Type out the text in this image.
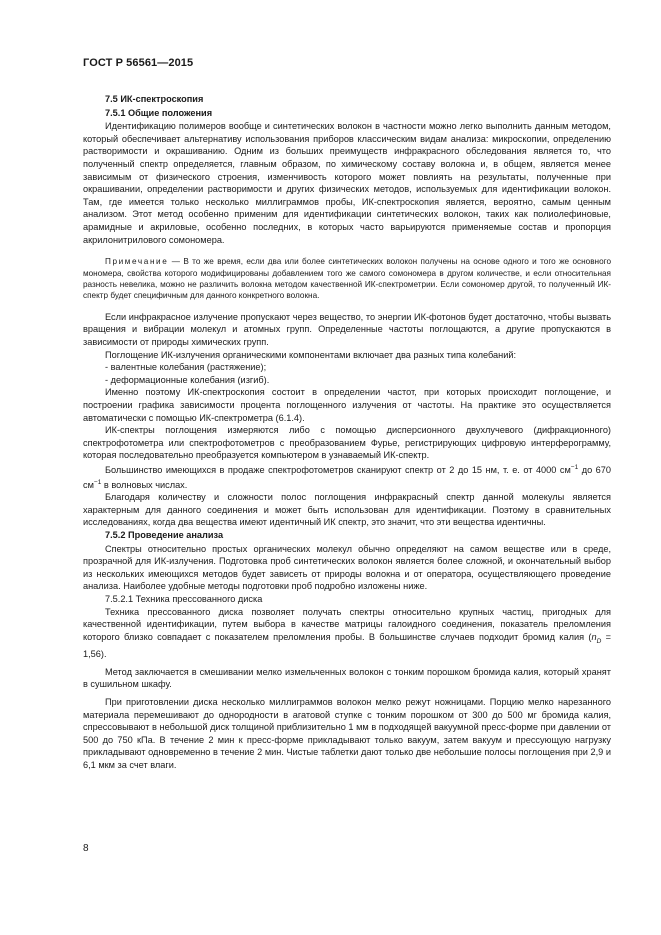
ГОСТ Р 56561—2015
7.5 ИК-спектроскопия
7.5.1 Общие положения

Идентификацию полимеров вообще и синтетических волокон в частности можно легко выполнить данным методом, который обеспечивает альтернативу использования приборов классическим видам анализа: микроскопии, определению растворимости и окрашиванию. Одним из больших преимуществ инфракрасного обследования является то, что полученный спектр определяется, главным образом, по химическому составу волокна и, в общем, является менее зависимым от физического строения, изменчивость которого может повлиять на результаты, полученные при окрашивании, определении растворимости и других физических методов, используемых для идентификации волокон. Там, где имеется только несколько миллиграммов пробы, ИК-спектроскопия является, вероятно, самым ценным анализом. Этот метод особенно применим для идентификации синтетических волокон, таких как полиолефиновые, арамидные и акриловые, особенно последних, в которых часто варьируются применяемые состав и пропорция акрилонитрилового сомономера.

Примечание — В то же время, если два или более синтетических волокон получены на основе одного и того же основного мономера, свойства которого модифицированы добавлением того же самого сомономера в другом количестве, и если относительная разность невелика, можно не различить волокна методом качественной ИК-спектрометрии. Если сомономер другой, то полученный ИК-спектр будет специфичным для данного конкретного волокна.

Если инфракрасное излучение пропускают через вещество, то энергии ИК-фотонов будет достаточно, чтобы вызвать вращения и вибрации молекул и атомных групп. Определенные частоты поглощаются, а другие пропускаются в зависимости от природы химических групп.

Поглощение ИК-излучения органическими компонентами включает два разных типа колебаний:

- валентные колебания (растяжение);

- деформационные колебания (изгиб).

Именно поэтому ИК-спектроскопия состоит в определении частот, при которых происходит поглощение, и построении графика зависимости процента поглощенного излучения от частоты. На практике это осуществляется автоматически с помощью ИК-спектрометра (6.1.4).

ИК-спектры поглощения измеряются либо с помощью дисперсионного двухлучевого (дифракционного) спектрофотометра или спектрофотометров с преобразованием Фурье, регистрирующих цифровую интерферограмму, которая последовательно преобразуется компьютером в узнаваемый ИК-спектр.

Большинство имеющихся в продаже спектрофотометров сканируют спектр от 2 до 15 нм, т. е. от 4000 $см^{-1}$ до 670 $см^{-1}$ в волновых числах.

Благодаря количеству и сложности полос поглощения инфракрасный спектр данной молекулы является характерным для данного соединения и может быть использован для идентификации. Поэтому в сравнительных исследованиях, когда два вещества имеют идентичный ИК спектр, это значит, что эти вещества идентичны.

7.5.2 Проведение анализа

Спектры относительно простых органических молекул обычно определяют на самом веществе или в среде, прозрачной для ИК-излучения. Подготовка проб синтетических волокон является более сложной, и окончательный выбор из нескольких имеющихся методов будет зависеть от природы волокна и от оператора, осуществляющего проведение анализа. Наиболее удобные методы подготовки проб подробно изложены ниже.

7.5.2.1 Техника прессованного диска

Техника прессованного диска позволяет получать спектры относительно крупных частиц, пригодных для качественной идентификации, путем выбора в качестве матрицы галоидного соединения, показатель преломления которого близко совпадает с показателем преломления пробы. В большинстве случаев подходит бромид калия $(n_D = 1,56)$.

Метод заключается в смешивании мелко измельченных волокон с тонким порошком бромида калия, который хранят в сушильном шкафу.

При приготовлении диска несколько миллиграммов волокон мелко режут ножницами. Порцию мелко нарезанного материала перемешивают до однородности в агатовой ступке с тонким порошком от 300 до 500 мг бромида калия, спрессовывают в небольшой диск толщиной приблизительно 1 мм в подходящей вакуумной пресс-форме при давлении от 500 до 750 кПа. В течение 2 мин к пресс-форме прикладывают только вакуум, затем вакуум и прессующую нагрузку прикладывают одновременно в течение 2 мин. Чистые таблетки дают только две небольшие полосы поглощения при 2,9 и 6,1 мкм за счет влаги.

8
